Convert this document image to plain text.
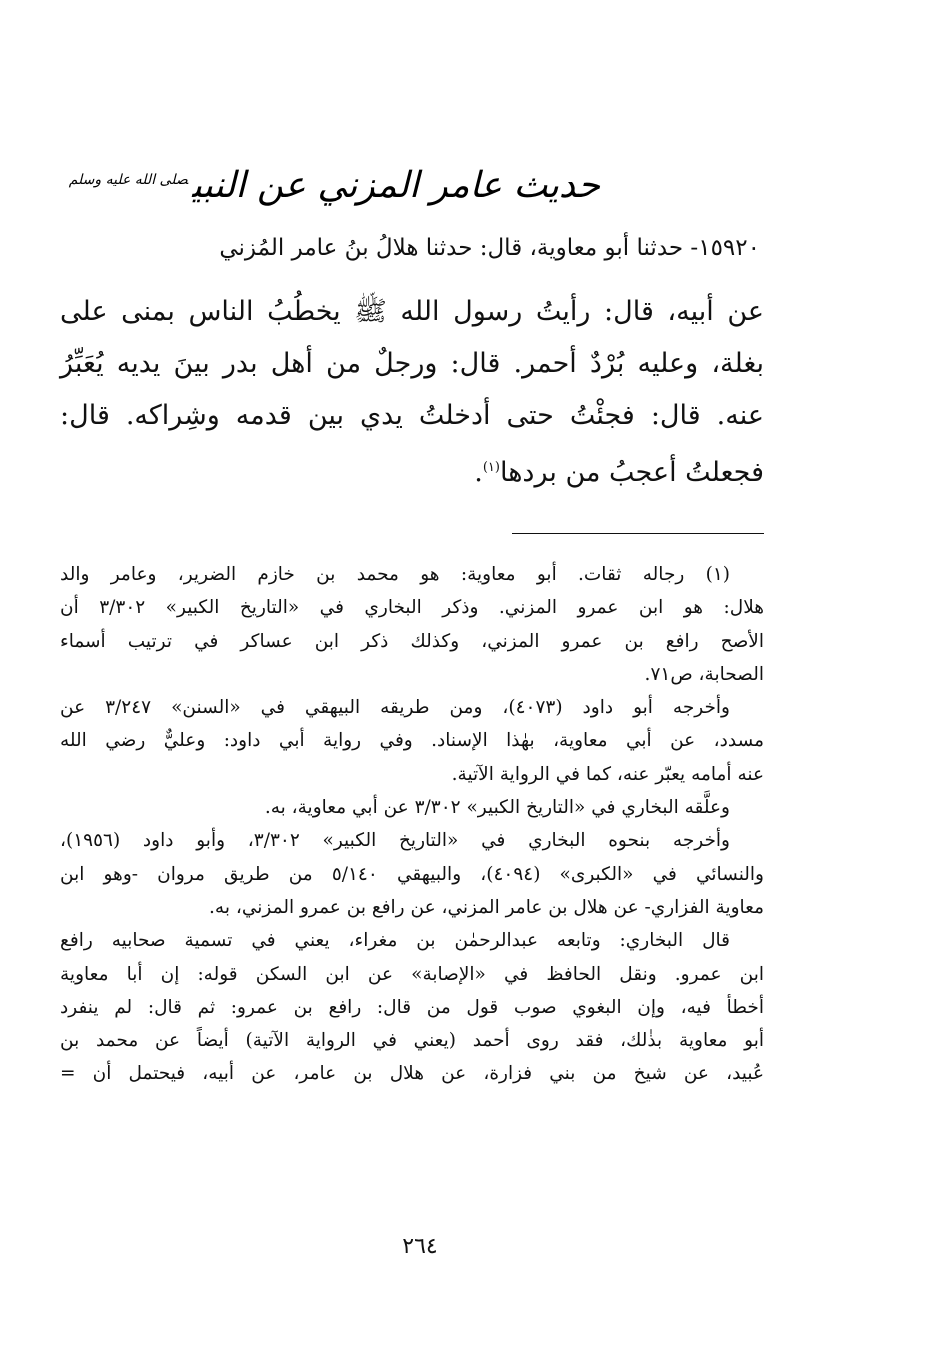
حديث عامر المزني عن النبي$^{صلى الله عليه وسلم}$
١٥٩٢٠- حدثنا أبو معاوية، قال: حدثنا هلالُ بنُ عامر المُزني
عن أبيه، قال: رأيتُ رسول الله ﷺ يخطُبُ الناس بمنى على
بغلة، وعليه بُرْدٌ أحمر. قال: ورجلٌ من أهل بدر بينَ يديه يُعَبِّرُ
عنه. قال: فجئْتُ حتى أدخلتُ يدي بين قدمه وشِراكه. قال:
فجعلتُ أعجبُ من بردها$^{(١)}$.
(١) رجاله ثقات. أبو معاوية: هو محمد بن خازم الضرير، وعامر والد
هلال: هو ابن عمرو المزني. وذكر البخاري في «التاريخ الكبير» ٣/٣٠٢ أن
الأصح رافع بن عمرو المزني، وكذلك ذكر ابن عساكر في ترتيب أسماء
الصحابة، ص٧١.
وأخرجه أبو داود (٤٠٧٣)، ومن طريقه البيهقي في «السنن» ٣/٢٤٧ عن
مسدد، عن أبي معاوية، بهٰذا الإسناد. وفي رواية أبي داود: وعليٌّ رضي الله
عنه أمامه يعبّر عنه، كما في الرواية الآتية.
وعلَّقه البخاري في «التاريخ الكبير» ٣/٣٠٢ عن أبي معاوية، به.
وأخرجه بنحوه البخاري في «التاريخ الكبير» ٣/٣٠٢، وأبو داود (١٩٥٦)،
والنسائي في «الكبرى» (٤٠٩٤)، والبيهقي ٥/١٤٠ من طريق مروان -وهو ابن
معاوية الفزاري- عن هلال بن عامر المزني، عن رافع بن عمرو المزني، به.
قال البخاري: وتابعه عبدالرحمٰن بن مغراء، يعني في تسمية صحابيه رافع
ابن عمرو. ونقل الحافظ في «الإصابة» عن ابن السكن قوله: إن أبا معاوية
أخطأ فيه، وإن البغوي صوب قول من قال: رافع بن عمرو: ثم قال: لم ينفرد
أبو معاوية بذٰلك، فقد روى أحمد (يعني في الرواية الآتية) أيضاً عن محمد بن
عُبيد، عن شيخ من بني فزارة، عن هلال بن عامر، عن أبيه، فيحتمل أن =
٢٦٤
